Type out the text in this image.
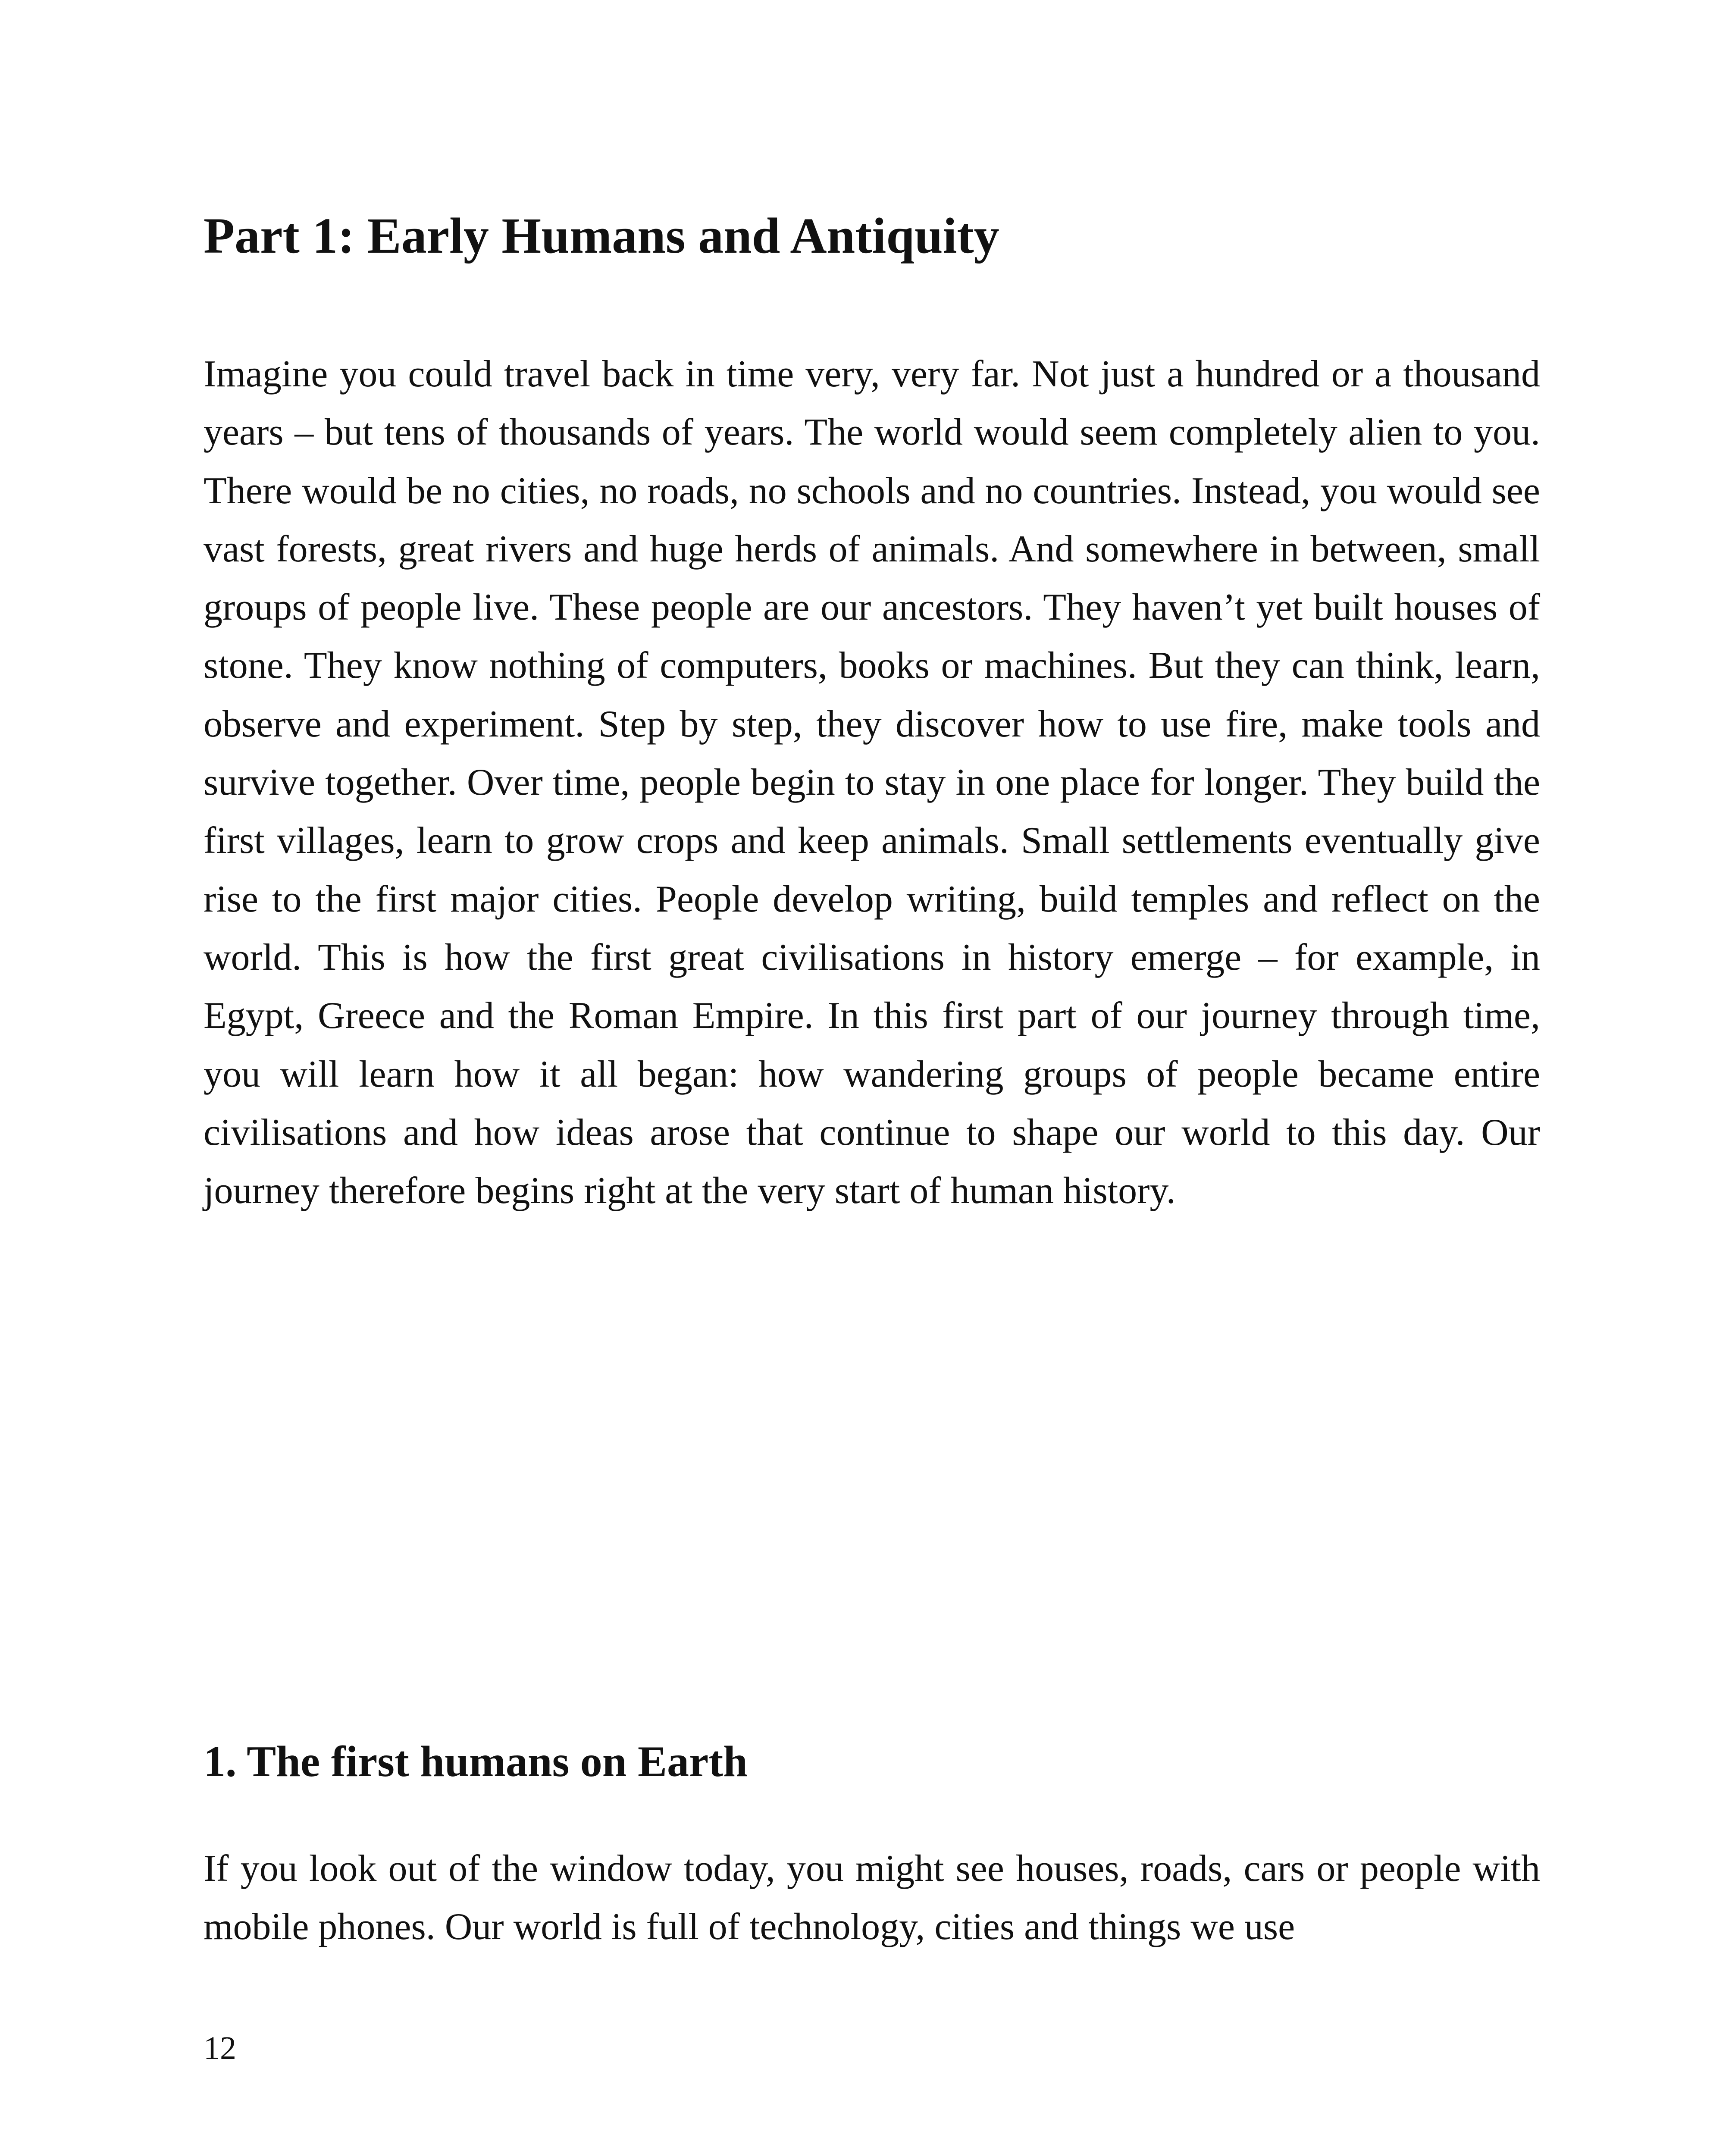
Part 1: Early Humans and Antiquity

Imagine you could travel back in time very, very far. Not just a hundred or a thousand years – but tens of thousands of years. The world would seem completely alien to you. There would be no cities, no roads, no schools and no countries. Instead, you would see vast forests, great rivers and huge herds of animals. And somewhere in between, small groups of people live. These people are our ancestors. They haven’t yet built houses of stone. They know nothing of computers, books or machines. But they can think, learn, observe and experiment. Step by step, they discover how to use fire, make tools and survive together. Over time, people begin to stay in one place for longer. They build the first villages, learn to grow crops and keep animals. Small settlements eventually give rise to the first major cities. People develop writing, build temples and reflect on the world. This is how the first great civilisations in history emerge – for example, in Egypt, Greece and the Roman Empire. In this first part of our journey through time, you will learn how it all began: how wandering groups of people became entire civilisations and how ideas arose that continue to shape our world to this day. Our journey therefore begins right at the very start of human history.

1. The first humans on Earth

If you look out of the window today, you might see houses, roads, cars or people with mobile phones. Our world is full of technology, cities and things we use

12
